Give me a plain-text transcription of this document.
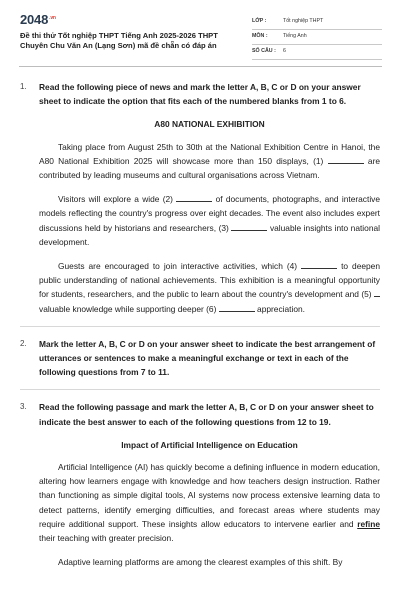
$2048^{.vn}$
Đề thi thử Tốt nghiệp THPT Tiếng Anh 2025-2026 THPT Chuyên Chu Văn An (Lạng Sơn) mã đề chẵn có đáp án
LỚP :	Tốt nghiệp THPT
MÔN :	Tiếng Anh
SỐ CÂU : 6
1. Read the following piece of news and mark the letter A, B, C or D on your answer sheet to indicate the option that fits each of the numbered blanks from 1 to 6.
A80 NATIONAL EXHIBITION

Taking place from August 25th to 30th at the National Exhibition Centre in Hanoi, the A80 National Exhibition 2025 will showcase more than 150 displays, (1)	are contributed by leading museums and cultural organisations across Vietnam.

Visitors will explore a wide (2)	of documents, photographs, and interactive models reflecting the country's progress over eight decades. The event also includes expert discussions held by historians and researchers, (3)	valuable insights into national development.

Guests are encouraged to join interactive activities, which (4)	to deepen public understanding of national achievements. This exhibition is a meaningful opportunity for students, researchers, and the public to learn about the country's development and (5)  valuable knowledge while supporting deeper (6)	appreciation.

2. Mark the letter A, B, C or D on your answer sheet to indicate the best arrangement of utterances or sentences to make a meaningful exchange or text in each of the following questions from 7 to 11.
3. Read the following passage and mark the letter A, B, C or D on your answer sheet to indicate the best answer to each of the following questions from 12 to 19.
Impact of Artificial Intelligence on Education

Artificial Intelligence (AI) has quickly become a defining influence in modern education, altering how learners engage with knowledge and how teachers design instruction. Rather than functioning as simple digital tools, AI systems now process extensive learning data to detect patterns, identify emerging difficulties, and forecast areas where students may require additional support. These insights allow educators to intervene earlier and refine their teaching with greater precision.

Adaptive learning platforms are among the clearest examples of this shift. By
